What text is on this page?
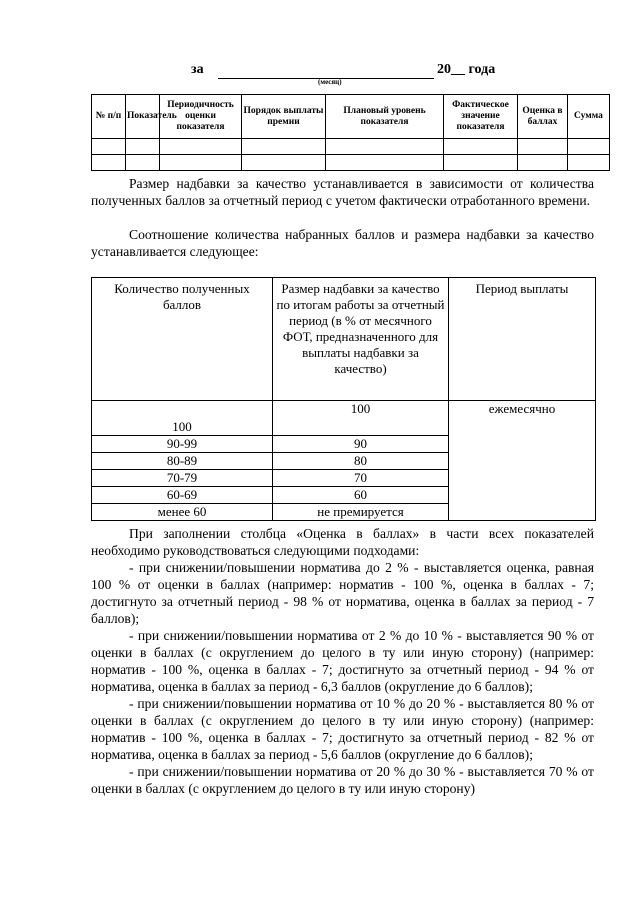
за
(месяц)
20__ года
№ п/п	Показатель	Периодичность оценки показателя	Порядок выплаты премии	Плановый уровень показателя	Фактическое значение показателя	Оценка в баллах	Сумма

Размер надбавки за качество устанавливается в зависимости от количества полученных баллов за отчетный период с учетом фактически отработанного времени.
Соотношение количества набранных баллов и размера надбавки за качество устанавливается следующее:
Количество полученных баллов	Размер надбавки за качество по итогам работы за отчетный период (в % от месячного ФОТ, предназначенного для выплаты надбавки за качество)	Период выплаты
100	100	ежемесячно
90-99	90	
80-89	80	
70-79	70	
60-69	60	
менее 60	не премируется	
При заполнении столбца «Оценка в баллах» в части всех показателей необходимо руководствоваться следующими подходами:
- при снижении/повышении норматива до 2 % - выставляется оценка, равная 100 % от оценки в баллах (например: норматив - 100 %, оценка в баллах - 7; достигнуто за отчетный период - 98 % от норматива, оценка в баллах за период - 7 баллов);
- при снижении/повышении норматива от 2 % до 10 % - выставляется 90 % от оценки в баллах (с округлением до целого в ту или иную сторону) (например: норматив - 100 %, оценка в баллах - 7; достигнуто за отчетный период - 94 % от норматива, оценка в баллах за период - 6,3 баллов (округление до 6 баллов);
- при снижении/повышении норматива от 10 % до 20 % - выставляется 80 % от оценки в баллах (с округлением до целого в ту или иную сторону) (например: норматив - 100 %, оценка в баллах - 7; достигнуто за отчетный период - 82 % от норматива, оценка в баллах за период - 5,6 баллов (округление до 6 баллов);
- при снижении/повышении норматива от 20 % до 30 % - выставляется 70 % от оценки в баллах (с округлением до целого в ту или иную сторону)
